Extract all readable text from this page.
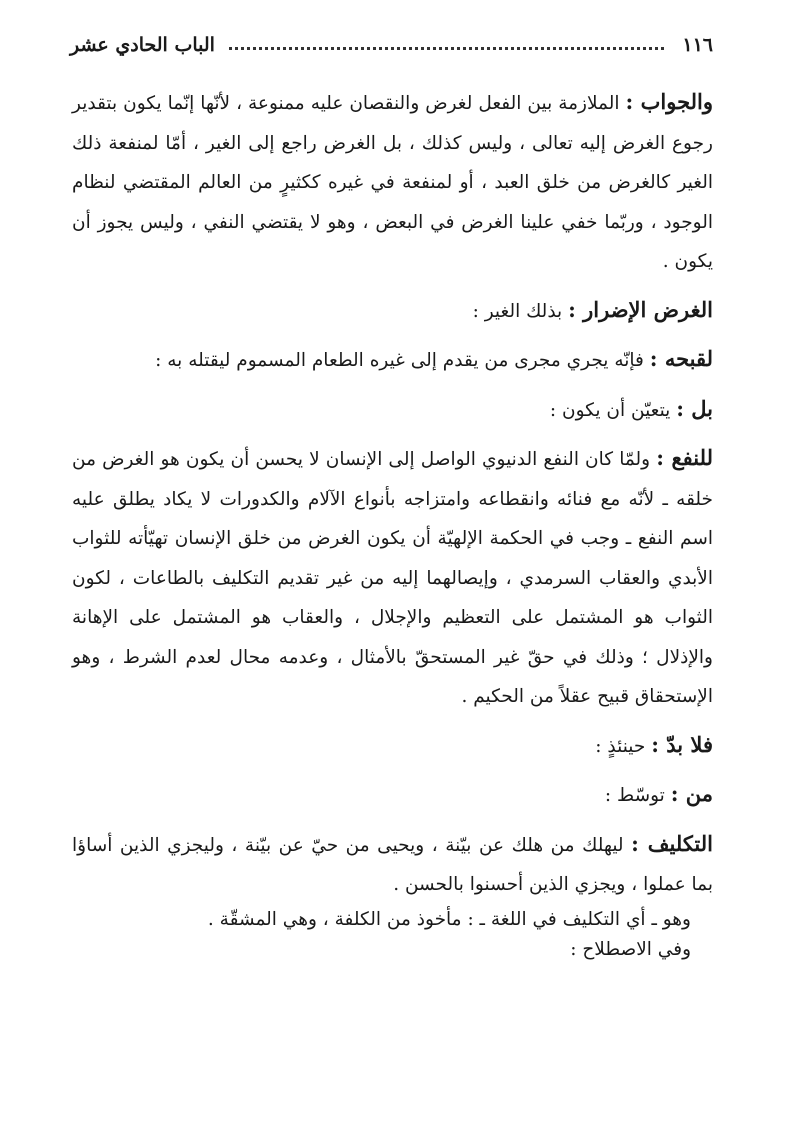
١١٦
الباب الحادي عشر

والجواب : الملازمة بين الفعل لغرض والنقصان عليه ممنوعة ، لأنّها إنّما يكون بتقدير رجوع الغرض إليه تعالى ، وليس كذلك ، بل الغرض راجع إلى الغير ، أمّا لمنفعة ذلك الغير كالغرض من خلق العبد ، أو لمنفعة في غيره ككثيرٍ من العالم المقتضي لنظام الوجود ، وربّما خفي علينا الغرض في البعض ، وهو لا يقتضي النفي ، وليس يجوز أن يكون .

الغرض الإضرار : بذلك الغير :

لقبحه : فإنّه يجري مجرى من يقدم إلى غيره الطعام المسموم ليقتله به :

بل : يتعيّن أن يكون :

للنفع : ولمّا كان النفع الدنيوي الواصل إلى الإنسان لا يحسن أن يكون هو الغرض من خلقه ـ لأنّه مع فنائه وانقطاعه وامتزاجه بأنواع الآلام والكدورات لا يكاد يطلق عليه اسم النفع ـ وجب في الحكمة الإلهيّة أن يكون الغرض من خلق الإنسان تهيّأته للثواب الأبدي والعقاب السرمدي ، وإيصالهما إليه من غير تقديم التكليف بالطاعات ، لكون الثواب هو المشتمل على التعظيم والإجلال ، والعقاب هو المشتمل على الإهانة والإذلال ؛ وذلك في حقّ غير المستحقّ بالأمثال ، وعدمه محال لعدم الشرط ، وهو الإستحقاق قبيح عقلاً من الحكيم .

فلا بدّ : حينئذٍ :

من : توسّط :

التكليف : ليهلك من هلك عن بيّنة ، ويحيى من حيّ عن بيّنة ، وليجزي الذين أساؤا بما عملوا ، ويجزي الذين أحسنوا بالحسن .

وهو ـ أي التكليف في اللغة ـ : مأخوذ من الكلفة ، وهي المشقّة .

وفي الاصطلاح :
